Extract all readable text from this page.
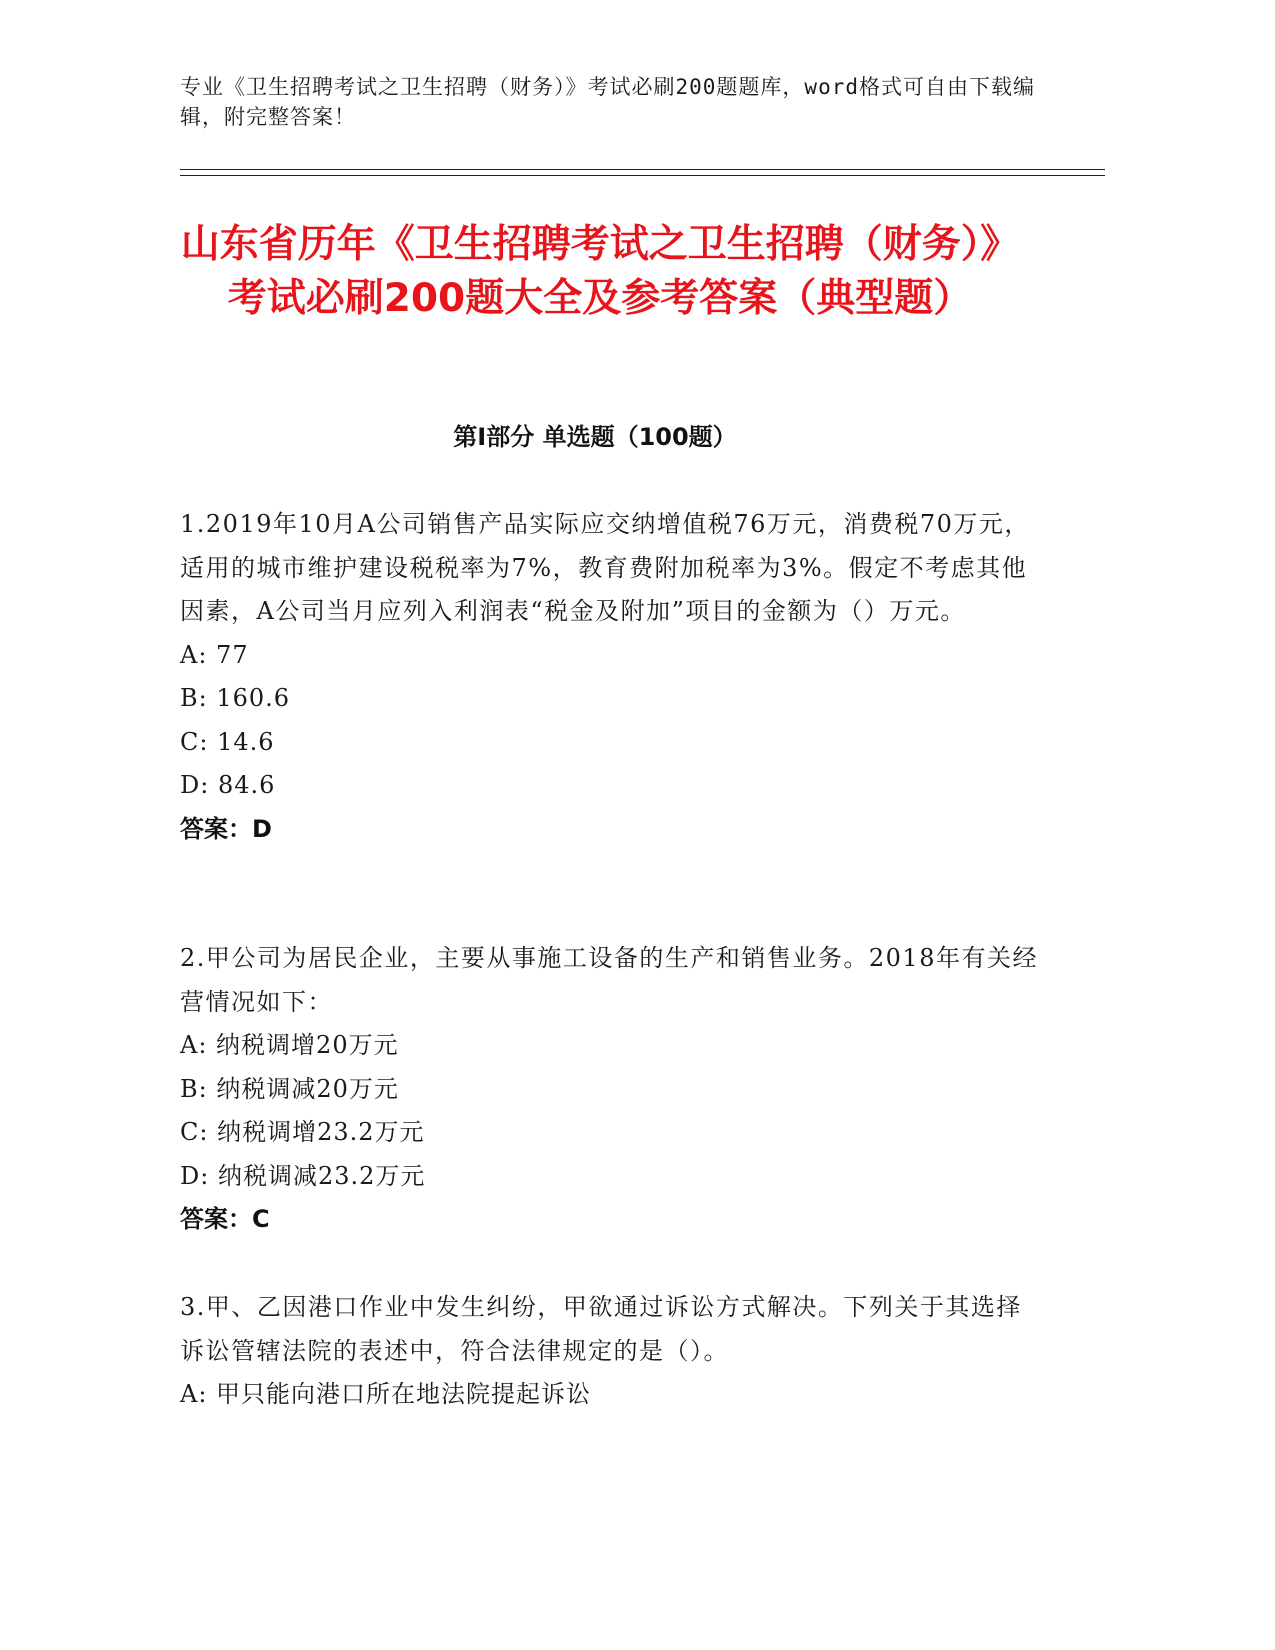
专业《卫生招聘考试之卫生招聘（财务）》考试必刷200题题库，word格式可自由下载编辑，附完整答案！
山东省历年《卫生招聘考试之卫生招聘（财务）》考试必刷200题大全及参考答案（典型题）
第I部分 单选题（100题）

1.2019年10月A公司销售产品实际应交纳增值税76万元，消费税70万元，适用的城市维护建设税税率为7%，教育费附加税率为3%。假定不考虑其他因素，A公司当月应列入利润表“税金及附加”项目的金额为（）万元。

A: 77

B: 160.6

C: 14.6

D: 84.6

答案：D

2.甲公司为居民企业，主要从事施工设备的生产和销售业务。2018年有关经营情况如下：

A: 纳税调增20万元

B: 纳税调减20万元

C: 纳税调增23.2万元

D: 纳税调减23.2万元

答案：C

3.甲、乙因港口作业中发生纠纷，甲欲通过诉讼方式解决。下列关于其选择诉讼管辖法院的表述中，符合法律规定的是（）。

A: 甲只能向港口所在地法院提起诉讼
